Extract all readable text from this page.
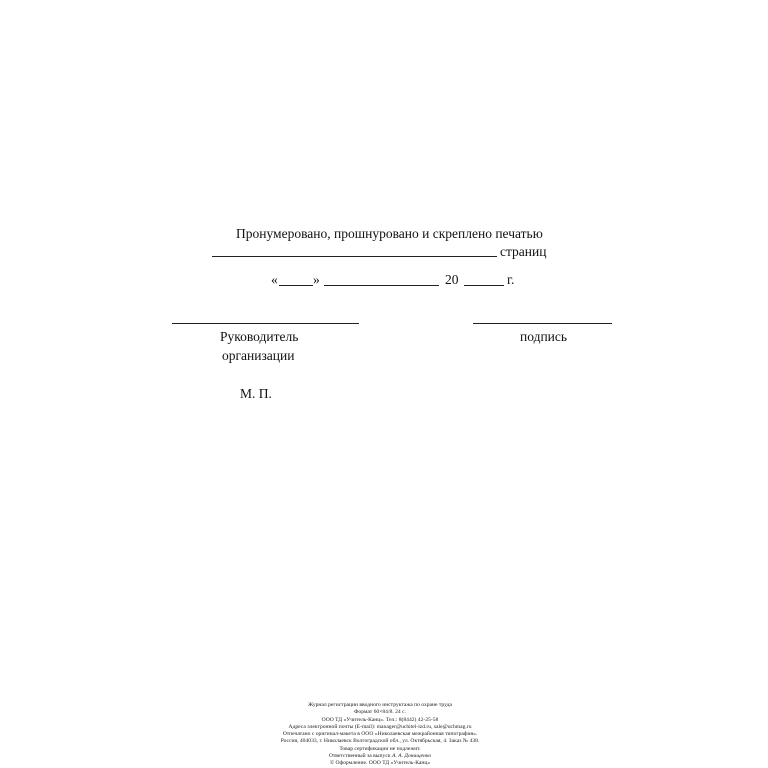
Пронумеровано, прошнуровано и скреплено печатью
страниц
«	»	20	г.
Руководитель
организации
подпись
М. П.
Журнал регистрации вводного инструктажа по охране труда
Формат 60×84/8. 24 с.
ООО ТД «Учитель-Канц». Тел.: 8(8442) 42-25-58
Адреса электронной почты (E-mail): manager@uchitel-izd.ru, sale@uchmag.ru
Отпечатано с оригинал-макета в ООО «Николаевская межрайонная типография».
Россия, 404033, г. Николаевск Волгоградской обл., ул. Октябрьская, 4. Заказ № 438.
Товар сертификации не подлежит.
Ответственный за выпуск А. А. Донищенко
© Оформление. ООО ТД «Учитель-Канц»
